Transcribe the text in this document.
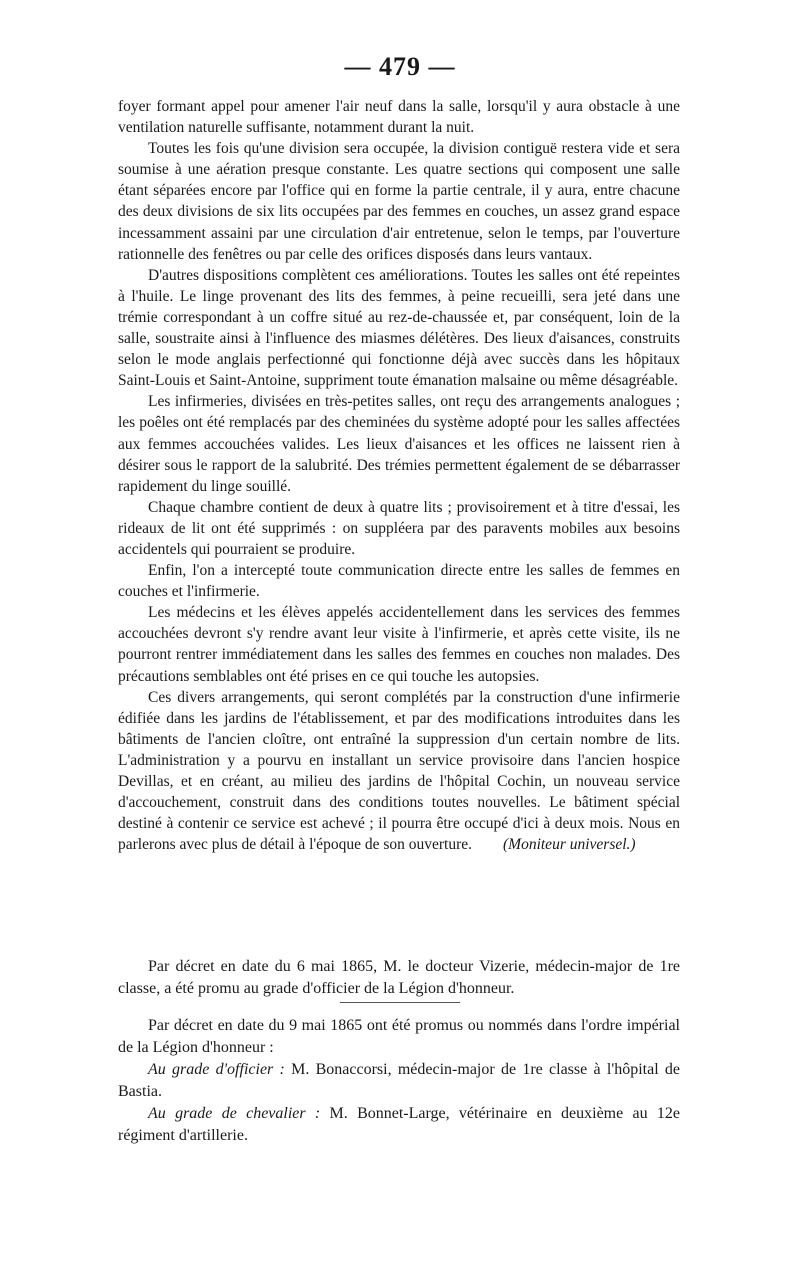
— 479 —

foyer formant appel pour amener l'air neuf dans la salle, lorsqu'il y aura obstacle à une ventilation naturelle suffisante, notamment durant la nuit.

Toutes les fois qu'une division sera occupée, la division contiguë restera vide et sera soumise à une aération presque constante. Les quatre sections qui composent une salle étant séparées encore par l'office qui en forme la partie centrale, il y aura, entre chacune des deux divisions de six lits occupées par des femmes en couches, un assez grand espace incessamment assaini par une circulation d'air entretenue, selon le temps, par l'ouverture rationnelle des fenêtres ou par celle des orifices disposés dans leurs vantaux.

D'autres dispositions complètent ces améliorations. Toutes les salles ont été repeintes à l'huile. Le linge provenant des lits des femmes, à peine recueilli, sera jeté dans une trémie correspondant à un coffre situé au rez-de-chaussée et, par conséquent, loin de la salle, soustraite ainsi à l'influence des miasmes délétères. Des lieux d'aisances, construits selon le mode anglais perfectionné qui fonctionne déjà avec succès dans les hôpitaux Saint-Louis et Saint-Antoine, suppriment toute émanation malsaine ou même désagréable.

Les infirmeries, divisées en très-petites salles, ont reçu des arrangements analogues ; les poêles ont été remplacés par des cheminées du système adopté pour les salles affectées aux femmes accouchées valides. Les lieux d'aisances et les offices ne laissent rien à désirer sous le rapport de la salubrité. Des trémies permettent également de se débarrasser rapidement du linge souillé.

Chaque chambre contient de deux à quatre lits ; provisoirement et à titre d'essai, les rideaux de lit ont été supprimés : on suppléera par des paravents mobiles aux besoins accidentels qui pourraient se produire.

Enfin, l'on a intercepté toute communication directe entre les salles de femmes en couches et l'infirmerie.

Les médecins et les élèves appelés accidentellement dans les services des femmes accouchées devront s'y rendre avant leur visite à l'infirmerie, et après cette visite, ils ne pourront rentrer immédiatement dans les salles des femmes en couches non malades. Des précautions semblables ont été prises en ce qui touche les autopsies.

Ces divers arrangements, qui seront complétés par la construction d'une infirmerie édifiée dans les jardins de l'établissement, et par des modifications introduites dans les bâtiments de l'ancien cloître, ont entraîné la suppression d'un certain nombre de lits. L'administration y a pourvu en installant un service provisoire dans l'ancien hospice Devillas, et en créant, au milieu des jardins de l'hôpital Cochin, un nouveau service d'accouchement, construit dans des conditions toutes nouvelles. Le bâtiment spécial destiné à contenir ce service est achevé ; il pourra être occupé d'ici à deux mois. Nous en parlerons avec plus de détail à l'époque de son ouverture. (Moniteur universel.)

Par décret en date du 6 mai 1865, M. le docteur Vizerie, médecin-major de 1re classe, a été promu au grade d'officier de la Légion d'honneur.

Par décret en date du 9 mai 1865 ont été promus ou nommés dans l'ordre impérial de la Légion d'honneur :

Au grade d'officier : M. Bonaccorsi, médecin-major de 1re classe à l'hôpital de Bastia.

Au grade de chevalier : M. Bonnet-Large, vétérinaire en deuxième au 12e régiment d'artillerie.
